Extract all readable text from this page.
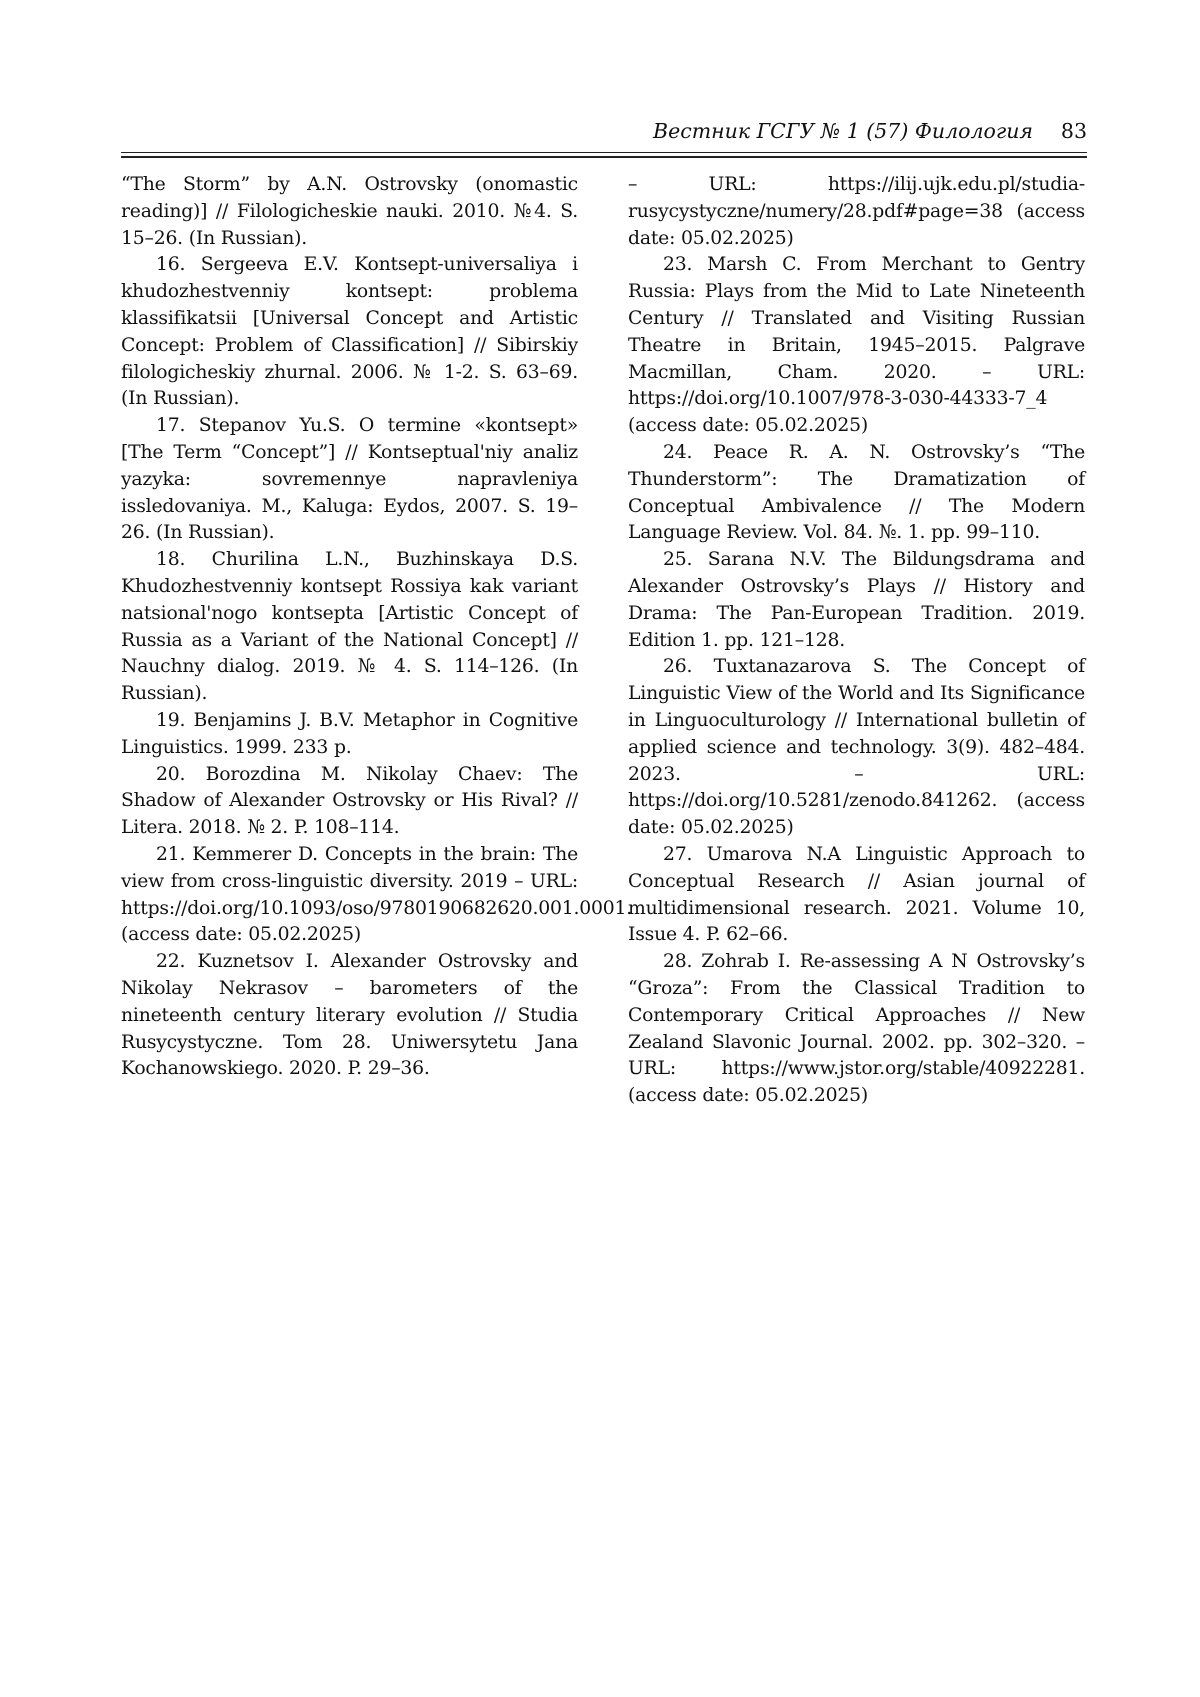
Вестник ГСГУ № 1 (57) Филология 83

“The Storm” by A.N. Ostrovsky (onomastic reading)] // Filologicheskie nauki. 2010. №4. S. 15–26. (In Russian).

16. Sergeeva E.V. Kontsept-universaliya i khudozhestvenniy kontsept: problema klassifikatsii [Universal Concept and Artistic Concept: Problem of Classification] // Sibirskiy filologicheskiy zhurnal. 2006. № 1-2. S. 63–69. (In Russian).

17. Stepanov Yu.S. O termine «kontsept» [The Term “Concept”] // Kontseptual'niy analiz yazyka: sovremennye napravleniya issledovaniya. M., Kaluga: Eydos, 2007. S. 19–26. (In Russian).

18. Churilina L.N., Buzhinskaya D.S. Khudozhestvenniy kontsept Rossiya kak variant natsional'nogo kontsepta [Artistic Concept of Russia as a Variant of the National Concept] // Nauchny dialog. 2019. № 4. S. 114–126. (In Russian).

19. Benjamins J. B.V. Metaphor in Cognitive Linguistics. 1999. 233 p.

20. Borozdina M. Nikolay Chaev: The Shadow of Alexander Ostrovsky or His Rival? // Litera. 2018. № 2. P. 108–114.

21. Kemmerer D. Concepts in the brain: The view from cross-linguistic diversity. 2019 – URL: https://doi.org/10.1093/oso/9780190682620.001.0001. (access date: 05.02.2025)

22. Kuznetsov I. Alexander Ostrovsky and Nikolay Nekrasov – barometers of the nineteenth century literary evolution // Studia Rusycystyczne. Tom 28. Uniwersytetu Jana Kochanowskiego. 2020. P. 29–36.

– URL: https://ilij.ujk.edu.pl/studia-rusycystyczne/numery/28.pdf#page=38 (access date: 05.02.2025)

23. Marsh C. From Merchant to Gentry Russia: Plays from the Mid to Late Nineteenth Century // Translated and Visiting Russian Theatre in Britain, 1945–2015. Palgrave Macmillan, Cham. 2020. – URL: https://doi.org/10.1007/978-3-030-44333-7_4 (access date: 05.02.2025)

24. Peace R. A. N. Ostrovsky’s “The Thunderstorm”: The Dramatization of Conceptual Ambivalence // The Modern Language Review. Vol. 84. №. 1. pp. 99–110.

25. Sarana N.V. The Bildungsdrama and Alexander Ostrovsky’s Plays // History and Drama: The Pan-European Tradition. 2019. Edition 1. pp. 121–128.

26. Tuxtanazarova S. The Concept of Linguistic View of the World and Its Significance in Linguoculturology // International bulletin of applied science and technology. 3(9). 482–484. 2023. – URL: https://doi.org/10.5281/zenodo.841262. (access date: 05.02.2025)

27. Umarova N.A Linguistic Approach to Conceptual Research // Asian journal of multidimensional research. 2021. Volume 10, Issue 4. P. 62–66.

28. Zohrab I. Re-assessing A N Ostrovsky’s “Groza”: From the Classical Tradition to Contemporary Critical Approaches // New Zealand Slavonic Journal. 2002. pp. 302–320. – URL: https://www.jstor.org/stable/40922281. (access date: 05.02.2025)
